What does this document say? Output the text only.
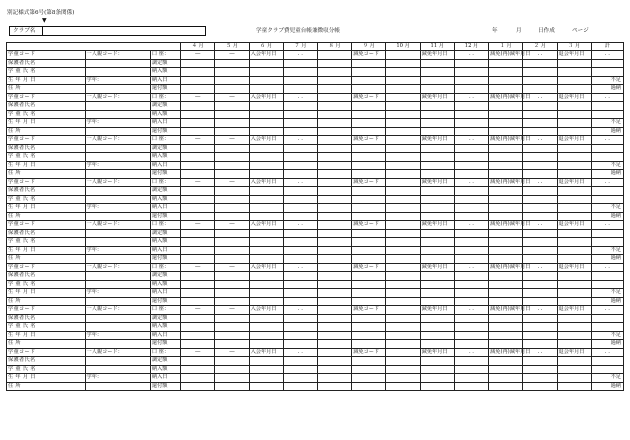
別記様式第6号(第8条関係)
▼
クラブ名	学童クラブ費児童台帳兼徴収分帳	年	月	日作成	ページ
			４ 月	５ 月	６ 月	７ 月	８ 月	９ 月	10 月	11 月	12 月	１ 月	２ 月	３ 月	計
学童コード	一人親コード：	口 座：	―	―	入会年月日	. .		減免コード		減免年月日	. .	減免(再)減年月日	. .	退会年月日	. .
保護者氏名		調定額													
学 童 氏 名		納入額													
生 年 月 日	学年：	納入日													不足
住 所		還付額													過納
学童コード	一人親コード：	口 座：	―	―	入会年月日	. .		減免コード		減免年月日	. .	減免(再)減年月日	. .	退会年月日	. .
保護者氏名		調定額													
学 童 氏 名		納入額													
生 年 月 日	学年：	納入日													不足
住 所		還付額													過納
学童コード	一人親コード：	口 座：	―	―	入会年月日	. .		減免コード		減免年月日	. .	減免(再)減年月日	. .	退会年月日	. .
保護者氏名		調定額													
学 童 氏 名		納入額													
生 年 月 日	学年：	納入日													不足
住 所		還付額													過納
学童コード	一人親コード：	口 座：	―	―	入会年月日	. .		減免コード		減免年月日	. .	減免(再)減年月日	. .	退会年月日	. .
保護者氏名		調定額													
学 童 氏 名		納入額													
生 年 月 日	学年：	納入日													不足
住 所		還付額													過納
学童コード	一人親コード：	口 座：	―	―	入会年月日	. .		減免コード		減免年月日	. .	減免(再)減年月日	. .	退会年月日	. .
保護者氏名		調定額													
学 童 氏 名		納入額													
生 年 月 日	学年：	納入日													不足
住 所		還付額													過納
学童コード	一人親コード：	口 座：	―	―	入会年月日	. .		減免コード		減免年月日	. .	減免(再)減年月日	. .	退会年月日	. .
保護者氏名		調定額													
学 童 氏 名		納入額													
生 年 月 日	学年：	納入日													不足
住 所		還付額													過納
学童コード	一人親コード：	口 座：	―	―	入会年月日	. .		減免コード		減免年月日	. .	減免(再)減年月日	. .	退会年月日	. .
保護者氏名		調定額													
学 童 氏 名		納入額													
生 年 月 日	学年：	納入日													不足
住 所		還付額													過納
学童コード	一人親コード：	口 座：	―	―	入会年月日	. .		減免コード		減免年月日	. .	減免(再)減年月日	. .	退会年月日	. .
保護者氏名		調定額													
学 童 氏 名		納入額													
生 年 月 日	学年：	納入日													不足
住 所		還付額													過納
